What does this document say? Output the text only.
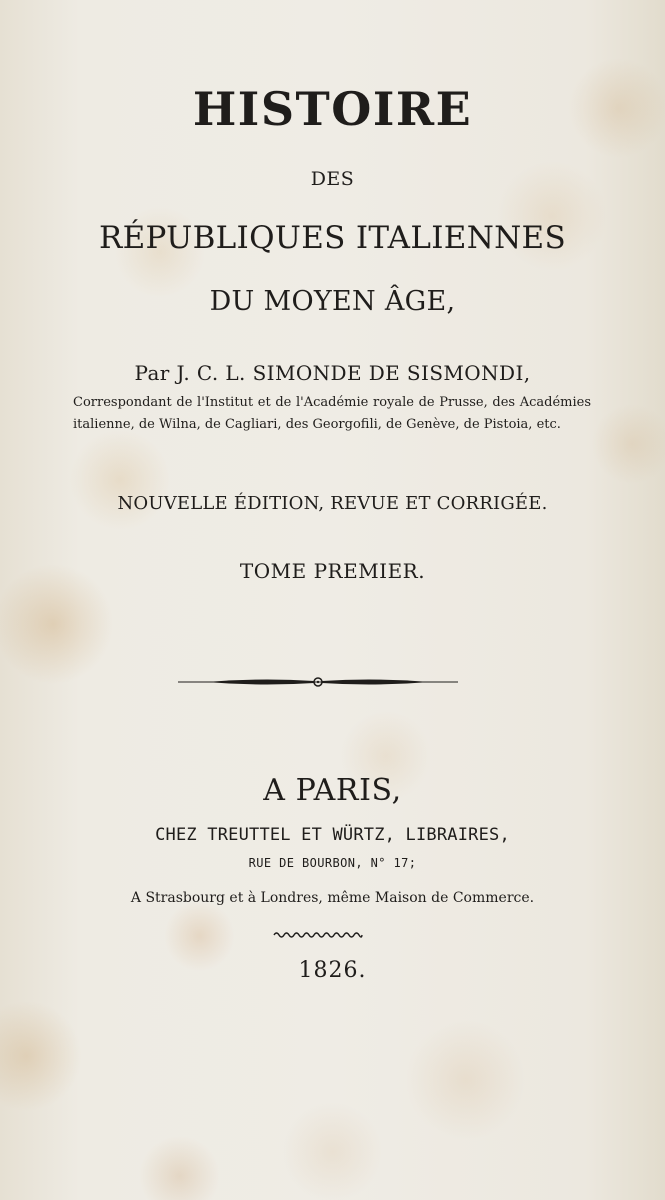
HISTOIRE
DES
RÉPUBLIQUES ITALIENNES
DU MOYEN ÂGE,
Par J. C. L. SIMONDE DE SISMONDI,
Correspondant de l'Institut et de l'Académie royale de Prusse, des Académies italienne, de Wilna, de Cagliari, des Georgofili, de Genève, de Pistoia, etc.
NOUVELLE ÉDITION, REVUE ET CORRIGÉE.
TOME PREMIER.
A PARIS,
CHEZ TREUTTEL ET WÜRTZ, LIBRAIRES,
RUE DE BOURBON, N° 17;
A Strasbourg et à Londres, même Maison de Commerce.
1826.
